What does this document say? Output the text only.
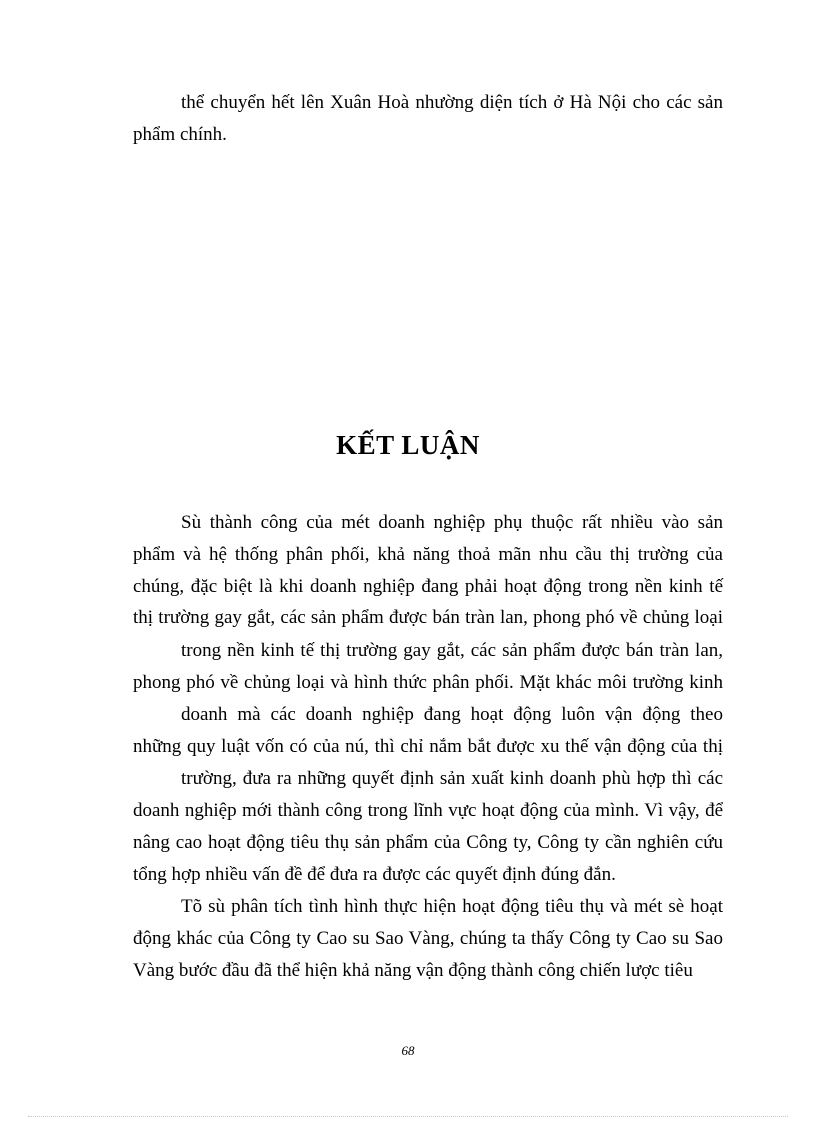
thể chuyển hết lên Xuân Hoà nhường diện tích ở Hà Nội cho các sản
phẩm chính.
KẾT LUẬN
Sù thành công của mét doanh nghiệp phụ thuộc rất nhiều vào sản
phẩm và hệ thống phân phối, khả năng thoả mãn nhu cầu thị trường của
chúng, đặc biệt là khi doanh nghiệp đang phải hoạt động trong nền kinh tế
thị trường gay gắt, các sản phẩm được bán tràn lan, phong phó về chủng loại
trong nền kinh tế thị trường gay gắt, các sản phẩm được bán tràn lan,
phong phó về chủng loại và hình thức phân phối. Mặt khác môi trường kinh
doanh mà các doanh nghiệp đang hoạt động luôn vận động theo
những quy luật vốn có của nú, thì chỉ nắm bắt được xu thế vận động của thị
trường, đưa ra những quyết định sản xuất kinh doanh phù hợp thì các
doanh nghiệp mới thành công trong lĩnh vực hoạt động của mình. Vì vậy, để
nâng cao hoạt động tiêu thụ sản phẩm của Công ty, Công ty cần nghiên cứu
tổng hợp nhiều vấn đề để đưa ra được các quyết định đúng đắn.
Tõ sù phân tích tình hình thực hiện hoạt động tiêu thụ và mét sè hoạt
động khác của Công ty Cao su Sao Vàng, chúng ta thấy Công ty Cao su Sao
Vàng bước đầu đã thể hiện khả năng vận động thành công chiến lược tiêu
68
